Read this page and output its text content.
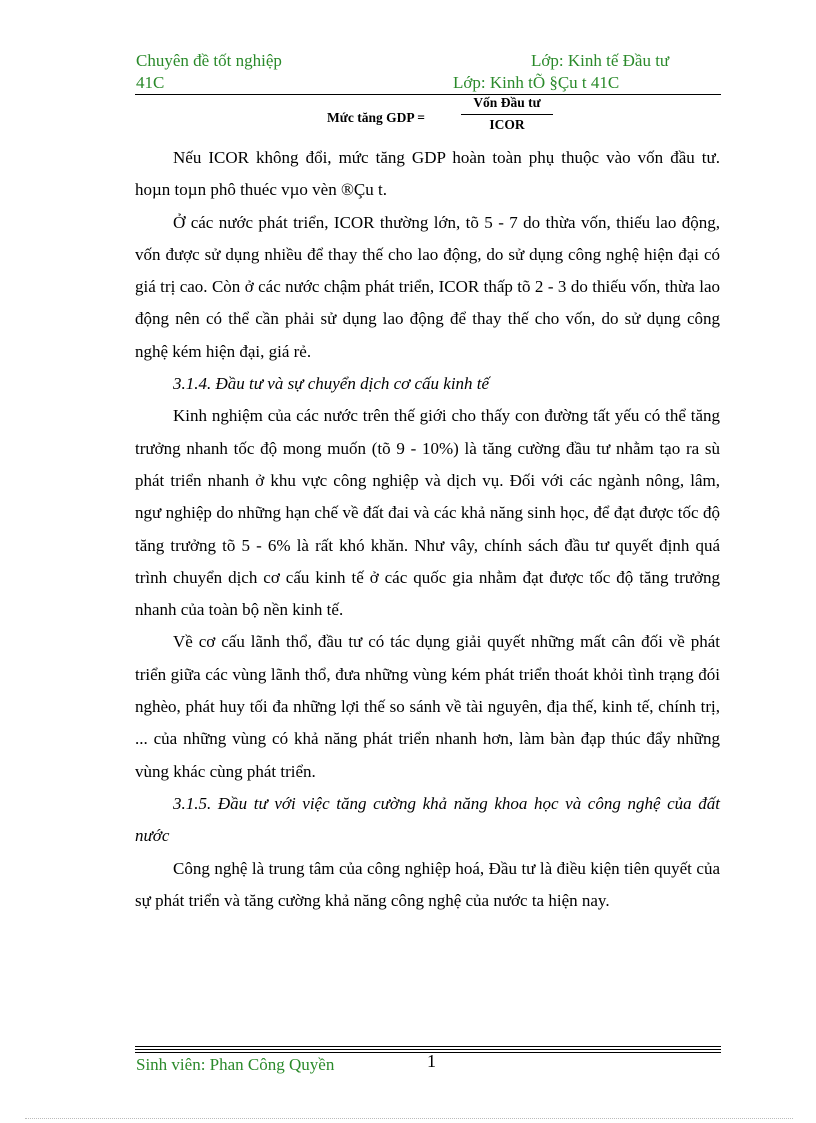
Chuyên đề tốt nghiệp	Lớp: Kinh tế Đầu tư
41C	Lớp: Kinh tÕ §Çu t 41C
Mức tăng GDP =
Vốn Đầu tư
ICOR

Nếu ICOR không đổi, mức tăng GDP hoàn toàn phụ thuộc vào vốn đầu tư. hoµn toµn phô thuéc vµo vèn ®Çu t.

Ở các nước phát triển, ICOR thường lớn, tõ 5 - 7 do thừa vốn, thiếu lao động, vốn được sử dụng nhiều để thay thế cho lao động, do sử dụng công nghệ hiện đại có giá trị cao. Còn ở các nước chậm phát triển, ICOR thấp tõ 2 - 3 do thiếu vốn, thừa lao động nên có thể cần phải sử dụng lao động để thay thế cho vốn, do sử dụng công nghệ kém hiện đại, giá rẻ.

3.1.4. Đầu tư và sự chuyển dịch cơ cấu kinh tế

Kinh nghiệm của các nước trên thế giới cho thấy con đường tất yếu có thể tăng trưởng nhanh tốc độ mong muốn (tõ 9 - 10%) là tăng cường đầu tư nhằm tạo ra sù phát triển nhanh ở khu vực công nghiệp và dịch vụ. Đối với các ngành nông, lâm, ngư nghiệp do những hạn chế về đất đai và các khả năng sinh học, để đạt được tốc độ tăng trưởng tõ 5 - 6% là rất khó khăn. Như vây, chính sách đầu tư quyết định quá trình chuyển dịch cơ cấu kinh tế ở các quốc gia nhằm đạt được tốc độ tăng trưởng nhanh của toàn bộ nền kinh tế.

Về cơ cấu lãnh thổ, đầu tư có tác dụng giải quyết những mất cân đối về phát triển giữa các vùng lãnh thổ, đưa những vùng kém phát triển thoát khỏi tình trạng đói nghèo, phát huy tối đa những lợi thế so sánh về tài nguyên, địa thế, kinh tế, chính trị, ... của những vùng có khả năng phát triển nhanh hơn, làm bàn đạp thúc đẩy những vùng khác cùng phát triển.

3.1.5. Đầu tư với việc tăng cường khả năng khoa học và công nghệ của đất nước

Công nghệ là trung tâm của công nghiệp hoá, Đầu tư là điều kiện tiên quyết của sự phát triển và tăng cường khả năng công nghệ của nước ta hiện nay.

Sinh viên: Phan Công Quyền	1
